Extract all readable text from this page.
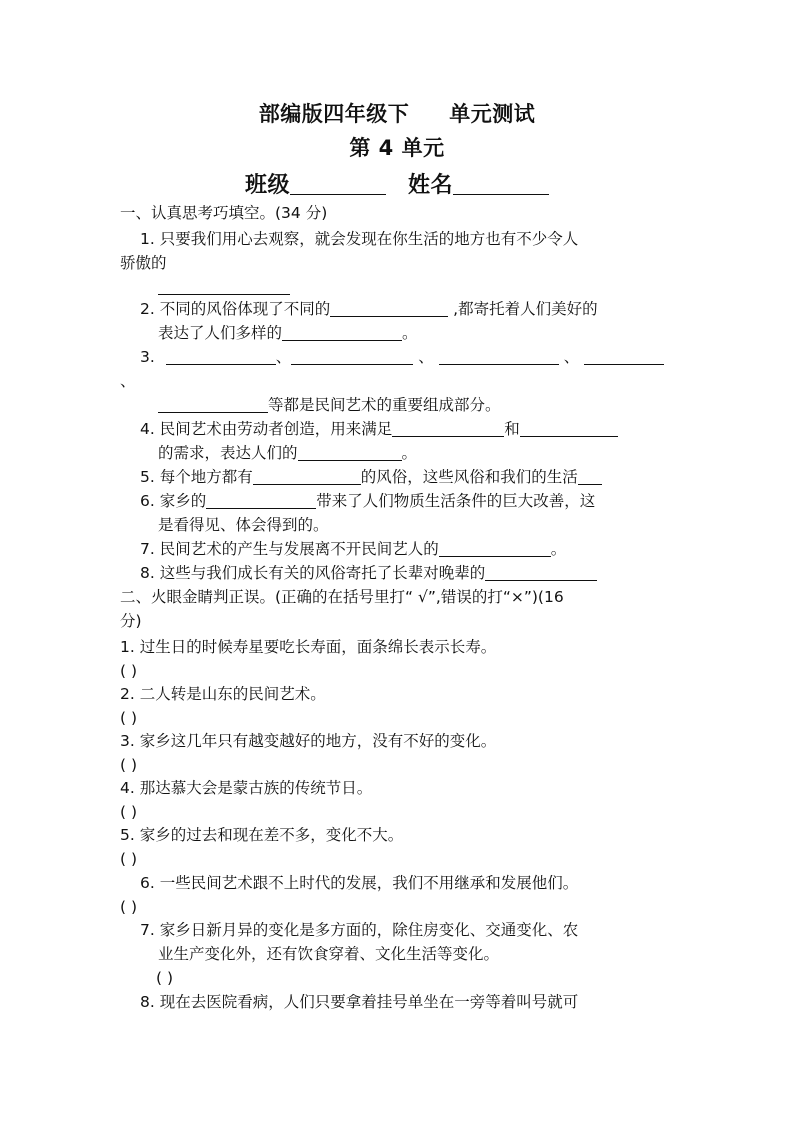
部编版四年级下 单元测试
第 4 单元
班级	姓名
一、认真思考巧填空。(34 分)
1. 只要我们用心去观察，就会发现在你生活的地方也有不少令人
骄傲的
2. 不同的风俗体现了不同的	,都寄托着人们美好的
表达了人们多样的	。
3.	、	、	、
、
等都是民间艺术的重要组成部分。
4. 民间艺术由劳动者创造，用来满足	和
的需求，表达人们的	。
5. 每个地方都有	的风俗，这些风俗和我们的生活
6. 家乡的	带来了人们物质生活条件的巨大改善，这
是看得见、体会得到的。
7. 民间艺术的产生与发展离不开民间艺人的	。
8. 这些与我们成长有关的风俗寄托了长辈对晚辈的
二、火眼金睛判正误。(正确的在括号里打“ √”,错误的打“×”)(16
分)
1. 过生日的时候寿星要吃长寿面，面条绵长表示长寿。
( )
2. 二人转是山东的民间艺术。
( )
3. 家乡这几年只有越变越好的地方，没有不好的变化。
( )
4. 那达慕大会是蒙古族的传统节日。
( )
5. 家乡的过去和现在差不多，变化不大。
( )
6. 一些民间艺术跟不上时代的发展，我们不用继承和发展他们。
( )
7. 家乡日新月异的变化是多方面的，除住房变化、交通变化、农
业生产变化外，还有饮食穿着、文化生活等变化。
( )
8. 现在去医院看病，人们只要拿着挂号单坐在一旁等着叫号就可
